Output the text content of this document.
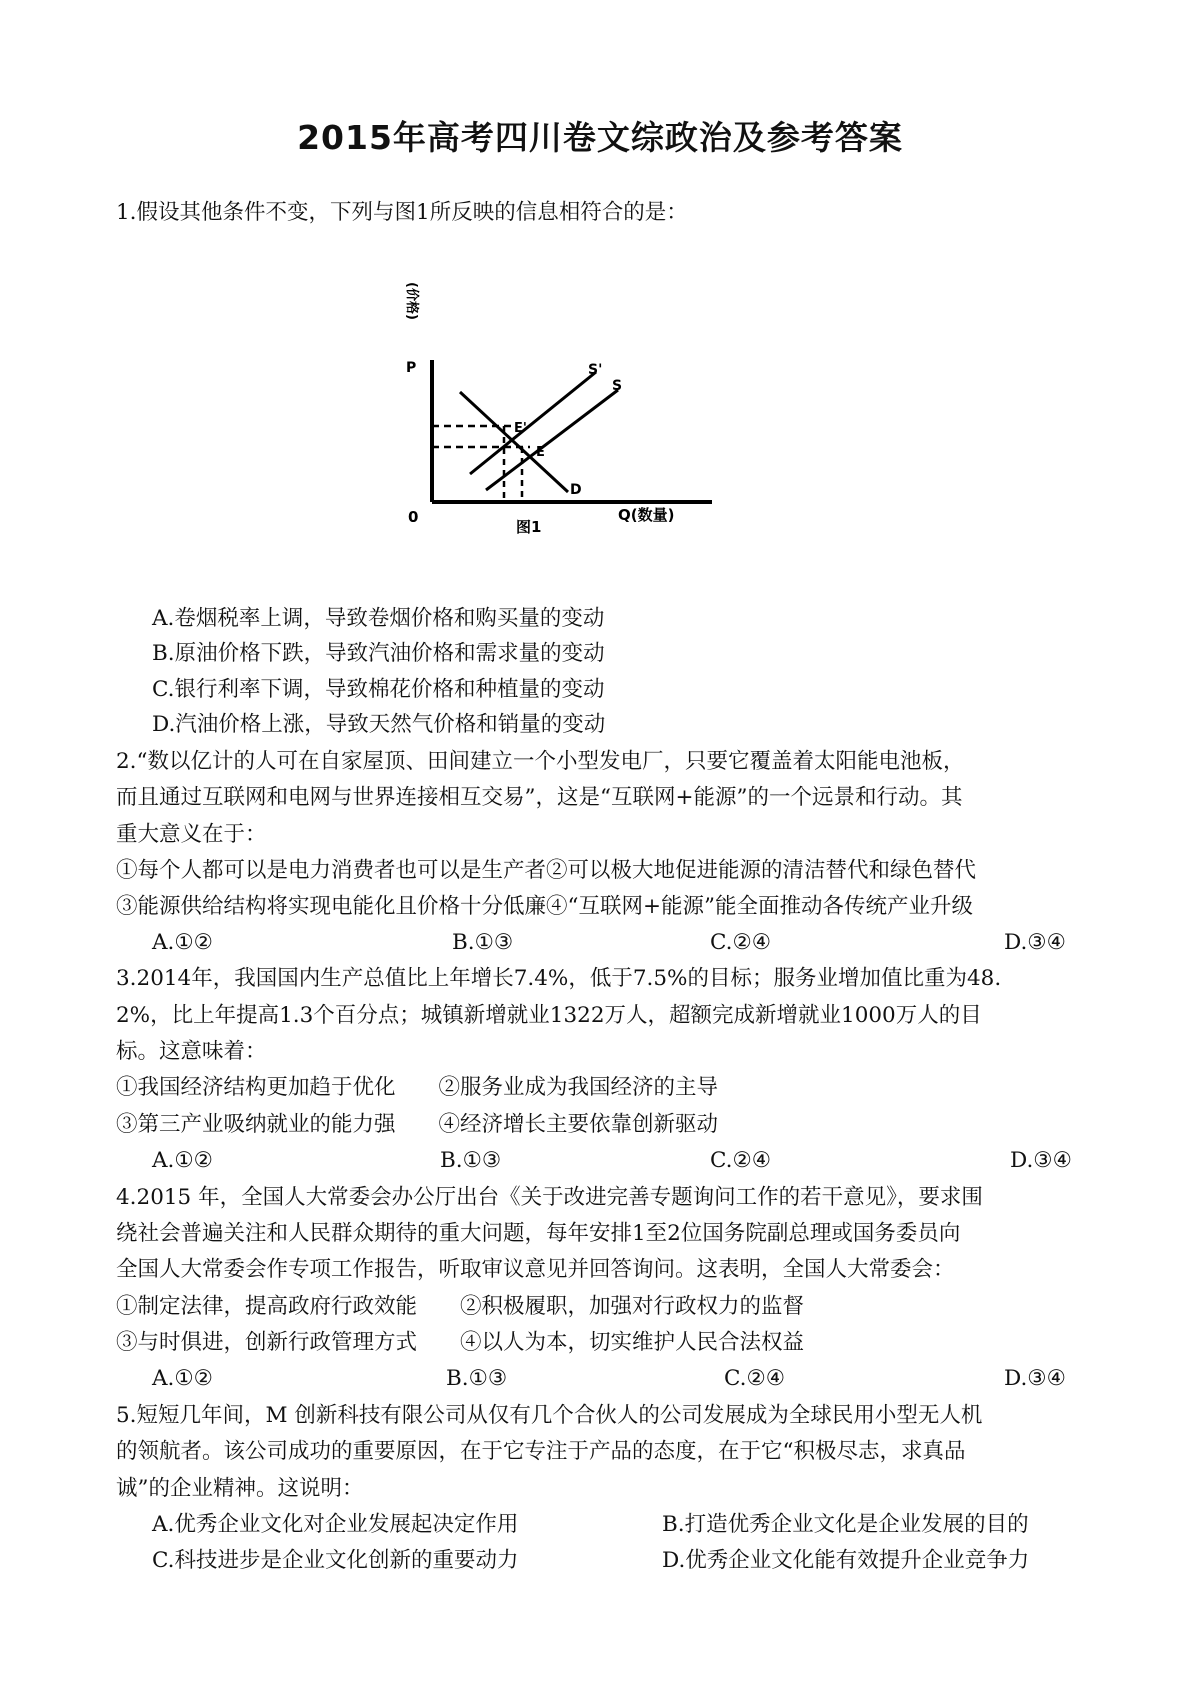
2015年高考四川卷文综政治及参考答案
1.假设其他条件不变，下列与图1所反映的信息相符合的是：
P
(价格)
S'
S
D
E'
E
0	Q(数量)
图1
A.卷烟税率上调，导致卷烟价格和购买量的变动
B.原油价格下跌，导致汽油价格和需求量的变动
C.银行利率下调，导致棉花价格和种植量的变动
D.汽油价格上涨，导致天然气价格和销量的变动
2.“数以亿计的人可在自家屋顶、田间建立一个小型发电厂，只要它覆盖着太阳能电池板，
而且通过互联网和电网与世界连接相互交易”，这是“互联网+能源”的一个远景和行动。其
重大意义在于：
①每个人都可以是电力消费者也可以是生产者②可以极大地促进能源的清洁替代和绿色替代
③能源供给结构将实现电能化且价格十分低廉④“互联网+能源”能全面推动各传统产业升级
A.①②	B.①③	C.②④	D.③④
3.2014年，我国国内生产总值比上年增长7.4%，低于7.5%的目标；服务业增加值比重为48.
2%，比上年提高1.3个百分点；城镇新增就业1322万人，超额完成新增就业1000万人的目
标。这意味着：
①我国经济结构更加趋于优化　　②服务业成为我国经济的主导
③第三产业吸纳就业的能力强　　④经济增长主要依靠创新驱动
A.①②	B.①③	C.②④	D.③④
4.2015 年，全国人大常委会办公厅出台《关于改进完善专题询问工作的若干意见》，要求围
绕社会普遍关注和人民群众期待的重大问题，每年安排1至2位国务院副总理或国务委员向
全国人大常委会作专项工作报告，听取审议意见并回答询问。这表明，全国人大常委会：
①制定法律，提高政府行政效能　　②积极履职，加强对行政权力的监督
③与时俱进，创新行政管理方式　　④以人为本，切实维护人民合法权益
A.①②	B.①③	C.②④	D.③④
5.短短几年间，M 创新科技有限公司从仅有几个合伙人的公司发展成为全球民用小型无人机
的领航者。该公司成功的重要原因，在于它专注于产品的态度，在于它“积极尽志，求真品
诚”的企业精神。这说明：
A.优秀企业文化对企业发展起决定作用	B.打造优秀企业文化是企业发展的目的
C.科技进步是企业文化创新的重要动力	D.优秀企业文化能有效提升企业竞争力
